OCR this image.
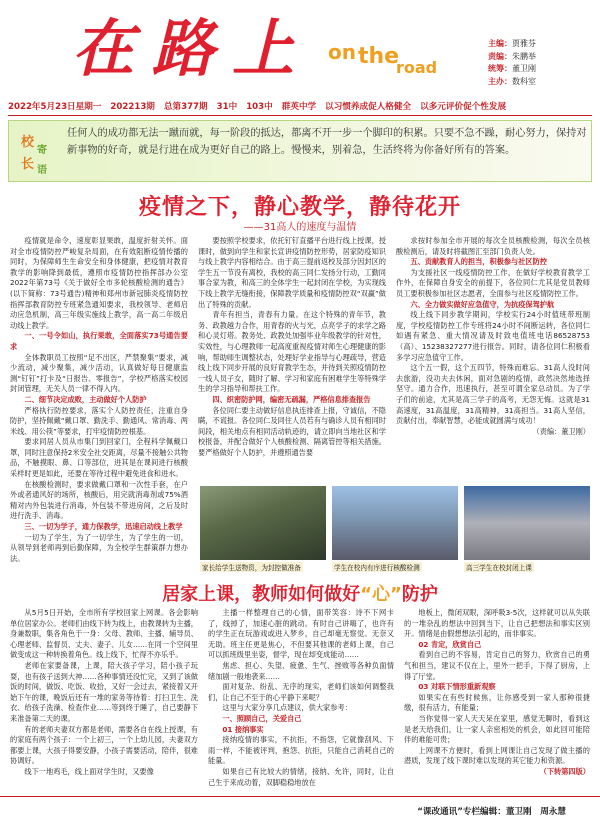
在路上 on the
road
主编：贾雅芬
责编：朱鹏举
统筹：董卫刚
主办：数科室
2022年5月23日星期一 202213期 总第377期 31中 103中 群英中学 以习惯养成促人格健全 以多元评价促个性发展
校
寄
长 语
任何人的成功都无法一蹴而就，每一阶段的抵达，都离不开一步一个脚印的积累。只要不急不躁，耐心努力，保持对新事物的好奇，就是行进在成为更好自己的路上。慢慢来，别着急，生活终将为你备好所有的答案。
疫情之下，静心教学，静待花开
——31高人的速度与温情

疫情就是命令，速度彰显果敢，温度折射关怀。面对全市疫情防控严峻复杂局面，在有效阻断疫情传播的同时，为保障师生生命安全和身体健康，把疫情对教育教学的影响降到最低，遵照市疫情防控指挥部办公室2022年第73号《关于做好全市多轮核酸检测的通告》(以下简称：73号通告)精神和郑州市新冠肺炎疫情防控指挥部教育防控专班紧急通知要求，我校领导、老师启动应急机制，高三年级实施线上教学，高一高二年级启动线上教学。

一、一号令如山，执行果敢，全面落实73号通告要求

全体教职员工按照“足不出区，严禁聚集”要求，减少流动，减少聚集，减少活动，认真做好每日健康监测“钉钉”打卡及“日报告、零报告”，学校严格落实校园封闭管理，无关人员一律不得入内。

二、细节决定成败，主动做好个人防护

严格执行防控要求，落实个人防控责任，注重自身防护，坚持佩戴“戴口罩、勤洗手、勤通风、常消毒、两米线、用公筷”等要求，打牢疫情防控根基。

要求同居人员从市集门到回家门，全程科学佩戴口罩，同时注意保持2米安全社交距离，尽量不接触公共物品，不触摸眼、鼻、口等部位，进其是在课间进行核酸采样时更是如此，还要在等待过程中避免进食和进水。

在核酸检测时，要求做戴口罩和一次性手套，在户外或者通风好的场所，核酸后，用完就消毒剂或75%酒精对内外包装进行消毒，外包装不带进房间，之后及时进行洗手、消毒。

三、一切为学子，通力保教学，迅速启动线上教学

一切为了学生，为了一切学生，为了学生的一切，从领导到老师再到后勤保障，为全校学生群策群力想办法。

要按照学校要求，依托钉钉直播平台进行线上授课，授课时，做到向学生和家长宣讲疫情防控形势，居家防疫知识与线上教学内容相结合。由于高三提前返校及部分因封区的学生五一节没有离校，我校的高三同仁发扬分行动，工勤同事合家为教，和高三的全体学生一起封闭在学校，为实现线下线上教学无缝衔接，保障教学质量和疫情防控双“双赢”做出了特殊的贡献。

青年有担当，青春有力量。在这个特殊的青年节，教务、政教越力合作，用青春的火与光，点亮学子的求学之路和心灵灯塔。教务处、政教处加强毕业年级教学的针对性，实效性，与心理教师一起高度重视疫情对师生心理健康的影响，帮助师生调整状态，处理好学业指导与心理疏导，营造线上线下同步开展的良好育教学生态，并待到关照疫情防控一线人员子女，随时了解、学习和家庭有困难学生等特殊学生的学习指导和帮扶工作。

四、织密防护网，编密无疏漏，严格信息排查报告

各位同仁要主动做好信息执连排查上报，守诚信，不隐瞒，不谎报。各位同仁及同住人员若有与确诊人员有相同时间段，相关地点有相同活动轨迹的，请立即向当地社区和学校报备，并配合做好个人核酸检测、隔离管控等相关措施。要严格做好个人防护，并遵照通告要

求按时参加全市开展的每次全员核酸检测，每次全员核酸检测后，请及时将截图汇至部门负责人处。

五、贡献教育人的担当，积极参与社区防控

为支援社区一线疫情防控工作，在做好学校教育教学工作外，在保障自身安全的前提下，各位同仁尤其是党员教师员工要积极参加社区志愿者，全面参与社区疫情防控工作。

六、全力做实做好应急值守，为抗疫保驾护航

线上线下同步教学期间，学校实行24小时值班带班制度，学校疫情防控工作专班将24小时不间断运转，各位同仁如遇有紧急、重大情况请及时致电值班电话86528753（高）、15238327277进行报告。同时，请各位同仁积极看多学习应急值守工作。

这个五一假，这个五四节，特殊而难忘。31高人没时间去旅游，没功夫去休闲，面对急剧的疫情，政然决然地选择坚守。通力合作，迅速执行，甚至可谓全家总动员。为了学子们的前途，尤其是高三学子的高考，无怨无悔。这就是31高速度，31高温度，31高精神，31高担当。31高人坚信，贡献付出，奉献智慧，必能成就圆满与成功！

（责编：董卫刚）

家长给学生送物资，为封控做准备	学生在校内有序进行核酸检测	高三学生在校封闭上课
居家上课，教师如何做好“心”防护

从5月5日开始，全市所有学校回家上网课。各会影响单位居家办公。老师们由线下转为线上，由教课转为主播，身兼数职，集各角色于一身：父母、教师、主播、辅导员、心理老师、监督员、丈夫、妻子、儿女……在同一个空间里做变成这一种转换着角色。线上线下，忙得不亦乐乎。

老师在家要备课，上课，陪大孩子学习，陪小孩子玩耍，也有孩子送到大神……各种事情还没忙完，又到了该做饭的时间，做饭、吃饭、收拾，又好一会过去，紧接着又开始下午的课，晚饭后还有一堆的家务等待着：打扫卫生、洗衣、给孩子洗澡、检查作业……等到终于睡了，自己要静下来准备第二天的课。

有的老师夫妻双方都是老师，需要各自在线上授课，有的家庭有两个孩子：一个上初三，一个上幼儿园，夫妻双方都要上课，大孩子得要安静，小孩子需要活动，陪伴，很难协调好。

线下一地鸡毛，线上面对学生时，又要像

主播一样整理自己的心情，面带笑容：诗不下网卡了，线掉了，加速心脏的跳动。有时自己讲嗨了，也许有的学生正在玩游戏或进入梦乡，自己却毫无察觉。无奈又无助。班主任更是焦心，不但要其他课的老师上课，自己可以抓班级里坐姿，督学，现在却变成能动……

焦虑、担心、失望、疲惫、生气、挫败等各种负面情绪加剧一般地袭来……

面对复杂、纷乱、无序的现实，老师们该如何调整我们，让自己不至于的心平静下来呢？

这里与大家分享几点建议，供大家参考：

一、照顾自己，关爱自己

01 接纳事实

接纳疫情的事实，不抗拒，不指怨，它就像刮风、下雨一样，不能被评判，抱怨、抗拒，只能自己消耗自己的能量。

如果自己有比较大的情绪，接纳、允许，同时，让自己生于来成动着，双脚稳稳地放在

地板上，微闭双眼，深呼吸3-5次，这样就可以从失联的一堆杂乱的想法中回到当下，让自己把想法和事实区别开。情绪是由假想想法引起的，而非事实。

02 肯定，欣赏自己

看到自己的不容易，肯定自己的努力，欣赏自己的勇气和担当，建议不仅在上，里外一把手，下得了厨房，上得了厅堂。

03 对联下情形重新观察

如果实在有些时候焦，让你感受到一家人那种很捷缴，很有活力，有能量；

当你觉得一家人天天呆在家里，感觉无聊时，看到这是老天给我们，让一家人亲密相处的机会，如此回可能陪伴的难能可贵；

上网课不方便时，看到上网课让自己发现了做主播的潜质，发现了线下课时难以发现的其它能力和资源。

（下转第四版）

“课改通讯”专栏编辑：董卫刚　周永慧
